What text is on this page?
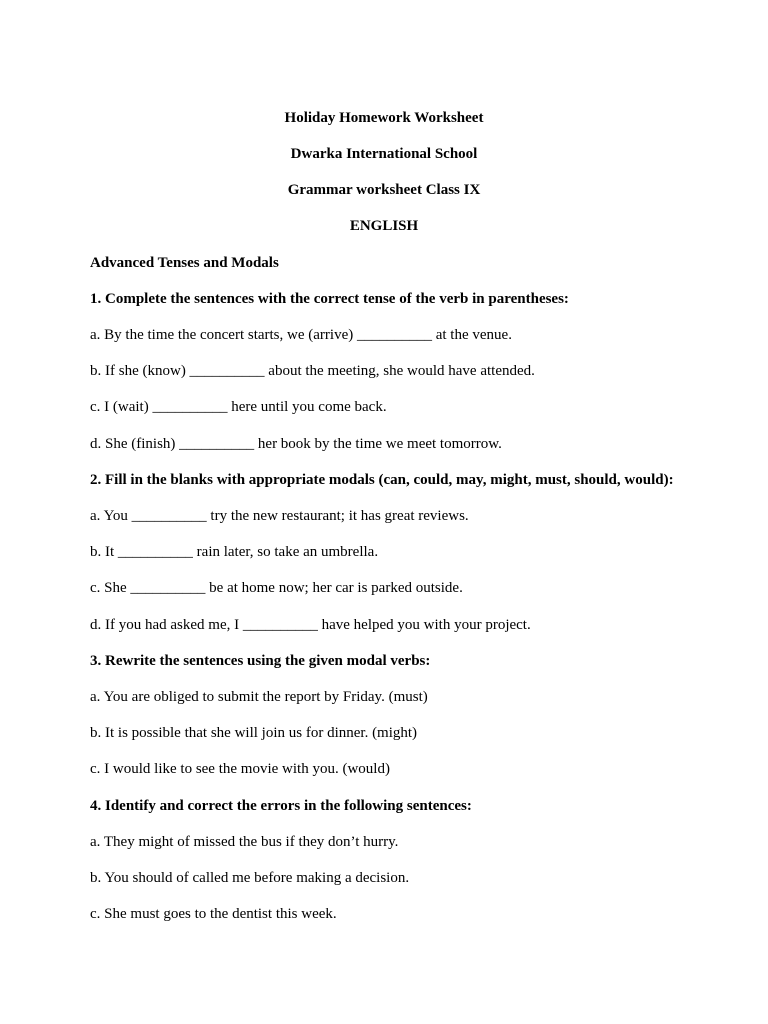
Holiday Homework Worksheet
Dwarka International School
Grammar worksheet Class IX
ENGLISH
Advanced Tenses and Modals
1. Complete the sentences with the correct tense of the verb in parentheses:
a. By the time the concert starts, we (arrive) __________ at the venue.
b. If she (know) __________ about the meeting, she would have attended.
c. I (wait) __________ here until you come back.
d. She (finish) __________ her book by the time we meet tomorrow.
2. Fill in the blanks with appropriate modals (can, could, may, might, must, should, would):
a. You __________ try the new restaurant; it has great reviews.
b. It __________ rain later, so take an umbrella.
c. She __________ be at home now; her car is parked outside.
d. If you had asked me, I __________ have helped you with your project.
3. Rewrite the sentences using the given modal verbs:
a. You are obliged to submit the report by Friday. (must)
b. It is possible that she will join us for dinner. (might)
c. I would like to see the movie with you. (would)
4. Identify and correct the errors in the following sentences:
a. They might of missed the bus if they don’t hurry.
b. You should of called me before making a decision.
c. She must goes to the dentist this week.
